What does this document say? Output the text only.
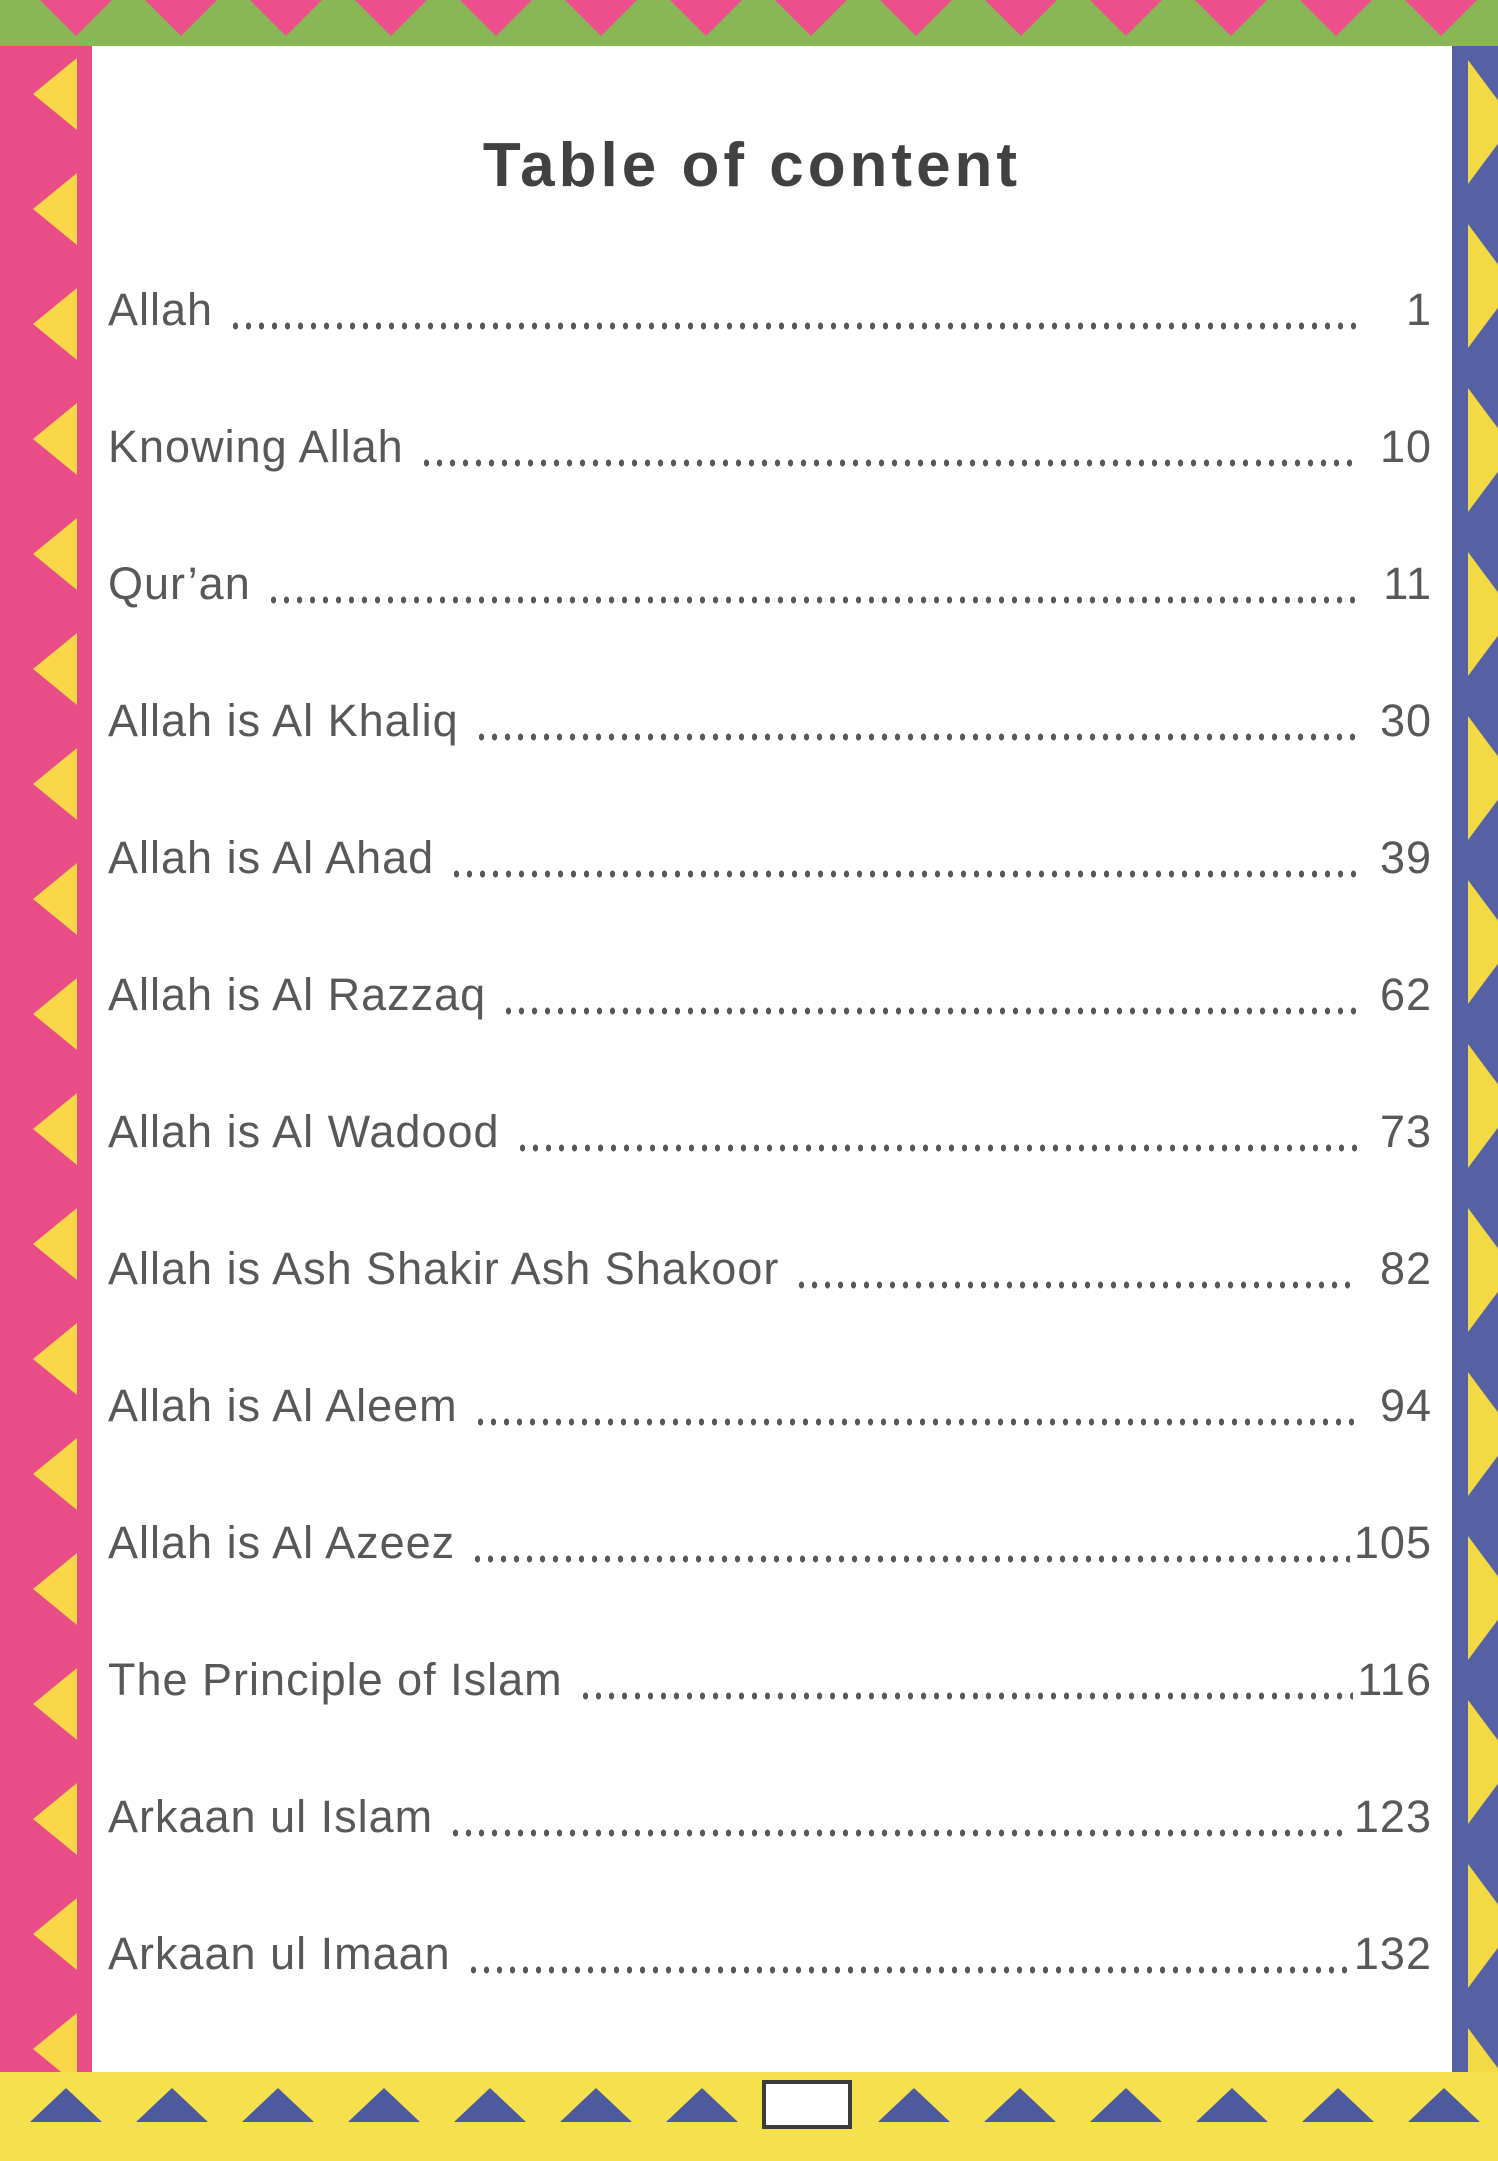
Table of content
Allah	1
Knowing Allah	10
Qur’an	11
Allah is Al Khaliq	30
Allah is Al Ahad	39
Allah is Al Razzaq	62
Allah is Al Wadood	73
Allah is Ash Shakir Ash Shakoor	82
Allah is Al Aleem	94
Allah is Al Azeez	105
The Principle of Islam	116
Arkaan ul Islam	123
Arkaan ul Imaan	132
